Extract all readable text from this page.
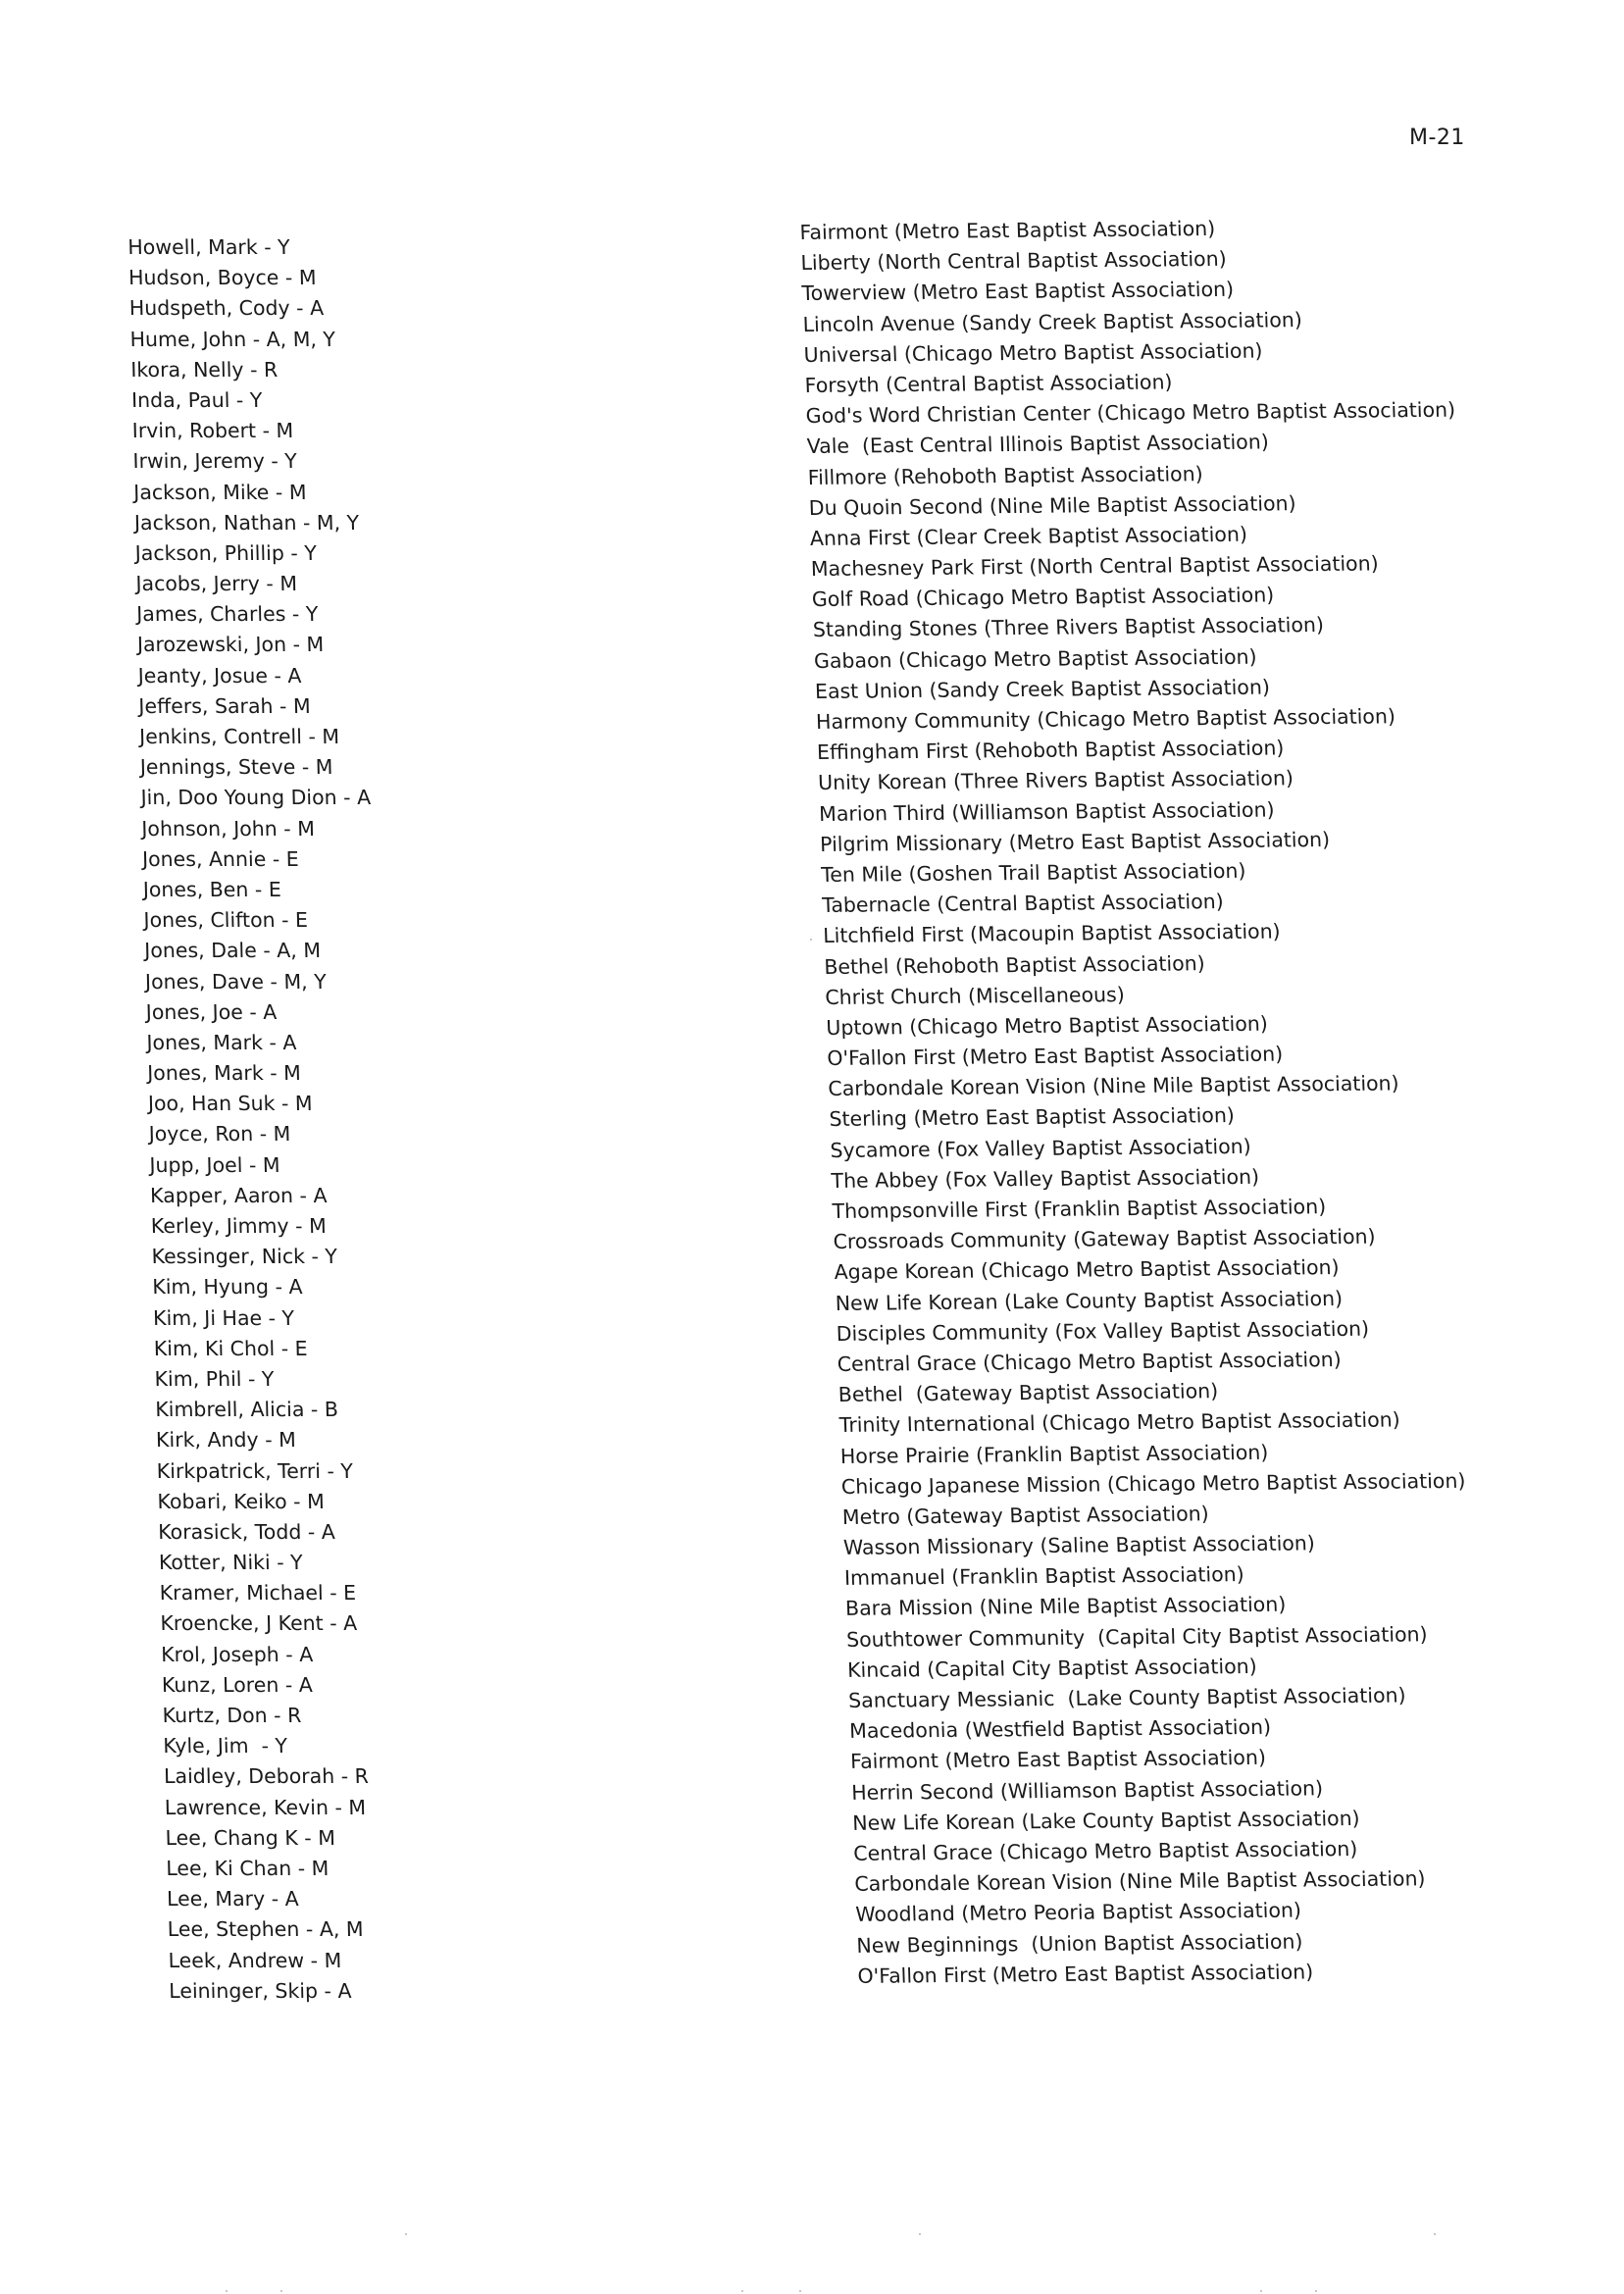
M-21
Howell, Mark - Y
Hudson, Boyce - M
Hudspeth, Cody - A
Hume, John - A, M, Y
Ikora, Nelly - R
Inda, Paul - Y
Irvin, Robert - M
Irwin, Jeremy - Y
Jackson, Mike - M
Jackson, Nathan - M, Y
Jackson, Phillip - Y
Jacobs, Jerry - M
James, Charles - Y
Jarozewski, Jon - M
Jeanty, Josue - A
Jeffers, Sarah - M
Jenkins, Contrell - M
Jennings, Steve - M
Jin, Doo Young Dion - A
Johnson, John - M
Jones, Annie - E
Jones, Ben - E
Jones, Clifton - E
Jones, Dale - A, M
Jones, Dave - M, Y
Jones, Joe - A
Jones, Mark - A
Jones, Mark - M
Joo, Han Suk - M
Joyce, Ron - M
Jupp, Joel - M
Kapper, Aaron - A
Kerley, Jimmy - M
Kessinger, Nick - Y
Kim, Hyung - A
Kim, Ji Hae - Y
Kim, Ki Chol - E
Kim, Phil - Y
Kimbrell, Alicia - B
Kirk, Andy - M
Kirkpatrick, Terri - Y
Kobari, Keiko - M
Korasick, Todd - A
Kotter, Niki - Y
Kramer, Michael - E
Kroencke, J Kent - A
Krol, Joseph - A
Kunz, Loren - A
Kurtz, Don - R
Kyle, Jim  - Y
Laidley, Deborah - R
Lawrence, Kevin - M
Lee, Chang K - M
Lee, Ki Chan - M
Lee, Mary - A
Lee, Stephen - A, M
Leek, Andrew - M
Leininger, Skip - A
Fairmont (Metro East Baptist Association)
Liberty (North Central Baptist Association)
Towerview (Metro East Baptist Association)
Lincoln Avenue (Sandy Creek Baptist Association)
Universal (Chicago Metro Baptist Association)
Forsyth (Central Baptist Association)
God's Word Christian Center (Chicago Metro Baptist Association)
Vale  (East Central Illinois Baptist Association)
Fillmore (Rehoboth Baptist Association)
Du Quoin Second (Nine Mile Baptist Association)
Anna First (Clear Creek Baptist Association)
Machesney Park First (North Central Baptist Association)
Golf Road (Chicago Metro Baptist Association)
Standing Stones (Three Rivers Baptist Association)
Gabaon (Chicago Metro Baptist Association)
East Union (Sandy Creek Baptist Association)
Harmony Community (Chicago Metro Baptist Association)
Effingham First (Rehoboth Baptist Association)
Unity Korean (Three Rivers Baptist Association)
Marion Third (Williamson Baptist Association)
Pilgrim Missionary (Metro East Baptist Association)
Ten Mile (Goshen Trail Baptist Association)
Tabernacle (Central Baptist Association)
Litchfield First (Macoupin Baptist Association)
Bethel (Rehoboth Baptist Association)
Christ Church (Miscellaneous)
Uptown (Chicago Metro Baptist Association)
O'Fallon First (Metro East Baptist Association)
Carbondale Korean Vision (Nine Mile Baptist Association)
Sterling (Metro East Baptist Association)
Sycamore (Fox Valley Baptist Association)
The Abbey (Fox Valley Baptist Association)
Thompsonville First (Franklin Baptist Association)
Crossroads Community (Gateway Baptist Association)
Agape Korean (Chicago Metro Baptist Association)
New Life Korean (Lake County Baptist Association)
Disciples Community (Fox Valley Baptist Association)
Central Grace (Chicago Metro Baptist Association)
Bethel  (Gateway Baptist Association)
Trinity International (Chicago Metro Baptist Association)
Horse Prairie (Franklin Baptist Association)
Chicago Japanese Mission (Chicago Metro Baptist Association)
Metro (Gateway Baptist Association)
Wasson Missionary (Saline Baptist Association)
Immanuel (Franklin Baptist Association)
Bara Mission (Nine Mile Baptist Association)
Southtower Community  (Capital City Baptist Association)
Kincaid (Capital City Baptist Association)
Sanctuary Messianic  (Lake County Baptist Association)
Macedonia (Westfield Baptist Association)
Fairmont (Metro East Baptist Association)
Herrin Second (Williamson Baptist Association)
New Life Korean (Lake County Baptist Association)
Central Grace (Chicago Metro Baptist Association)
Carbondale Korean Vision (Nine Mile Baptist Association)
Woodland (Metro Peoria Baptist Association)
New Beginnings  (Union Baptist Association)
O'Fallon First (Metro East Baptist Association)
